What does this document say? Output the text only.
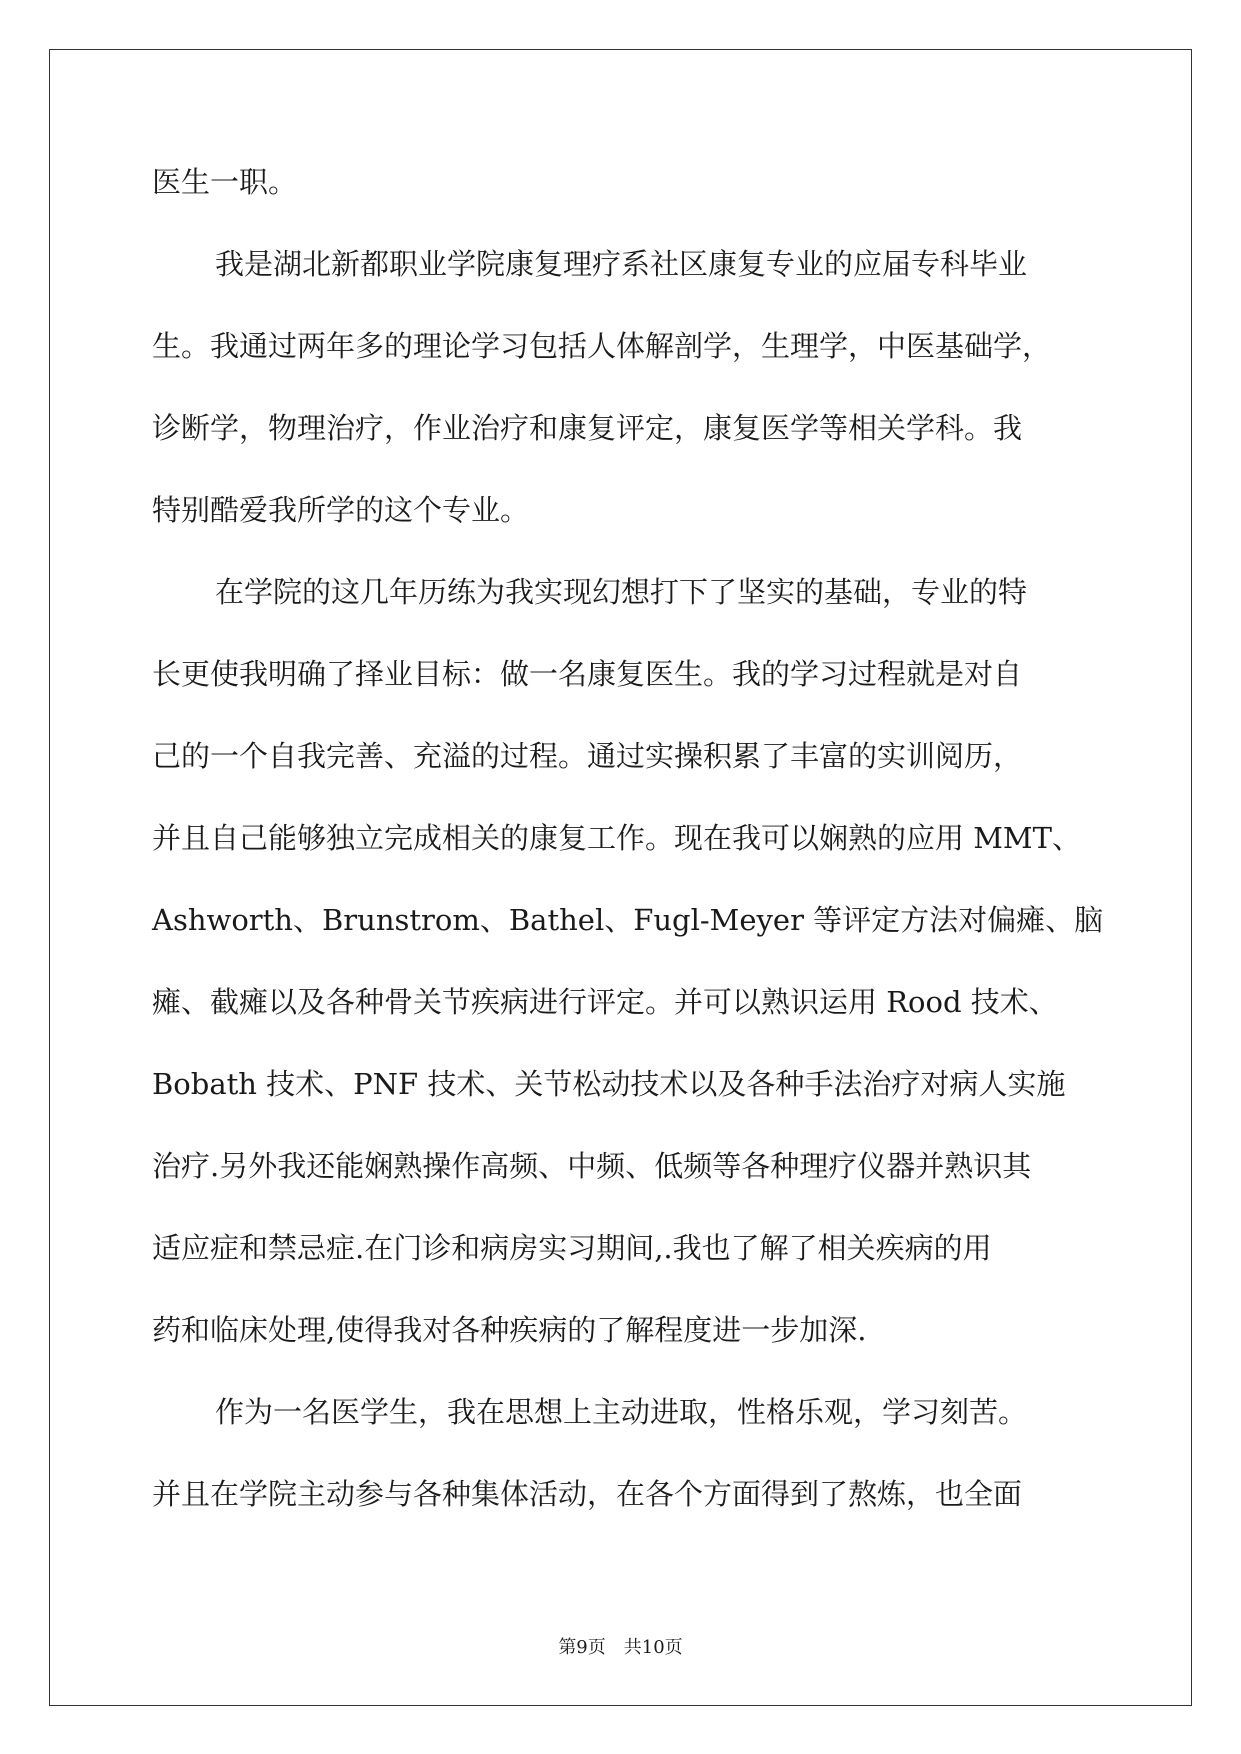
医生一职。
我是湖北新都职业学院康复理疗系社区康复专业的应届专科毕业
生。我通过两年多的理论学习包括人体解剖学，生理学，中医基础学，
诊断学，物理治疗，作业治疗和康复评定，康复医学等相关学科。我
特别酷爱我所学的这个专业。
在学院的这几年历练为我实现幻想打下了坚实的基础，专业的特
长更使我明确了择业目标：做一名康复医生。我的学习过程就是对自
己的一个自我完善、充溢的过程。通过实操积累了丰富的实训阅历，
并且自己能够独立完成相关的康复工作。现在我可以娴熟的应用 MMT、
Ashworth、Brunstrom、Bathel、Fugl-Meyer 等评定方法对偏瘫、脑
瘫、截瘫以及各种骨关节疾病进行评定。并可以熟识运用 Rood 技术、
Bobath 技术、PNF 技术、关节松动技术以及各种手法治疗对病人实施
治疗.另外我还能娴熟操作高频、中频、低频等各种理疗仪器并熟识其
适应症和禁忌症.在门诊和病房实习期间,.我也了解了相关疾病的用
药和临床处理,使得我对各种疾病的了解程度进一步加深.
作为一名医学生，我在思想上主动进取，性格乐观，学习刻苦。
并且在学院主动参与各种集体活动，在各个方面得到了熬炼，也全面
第9页 共10页
